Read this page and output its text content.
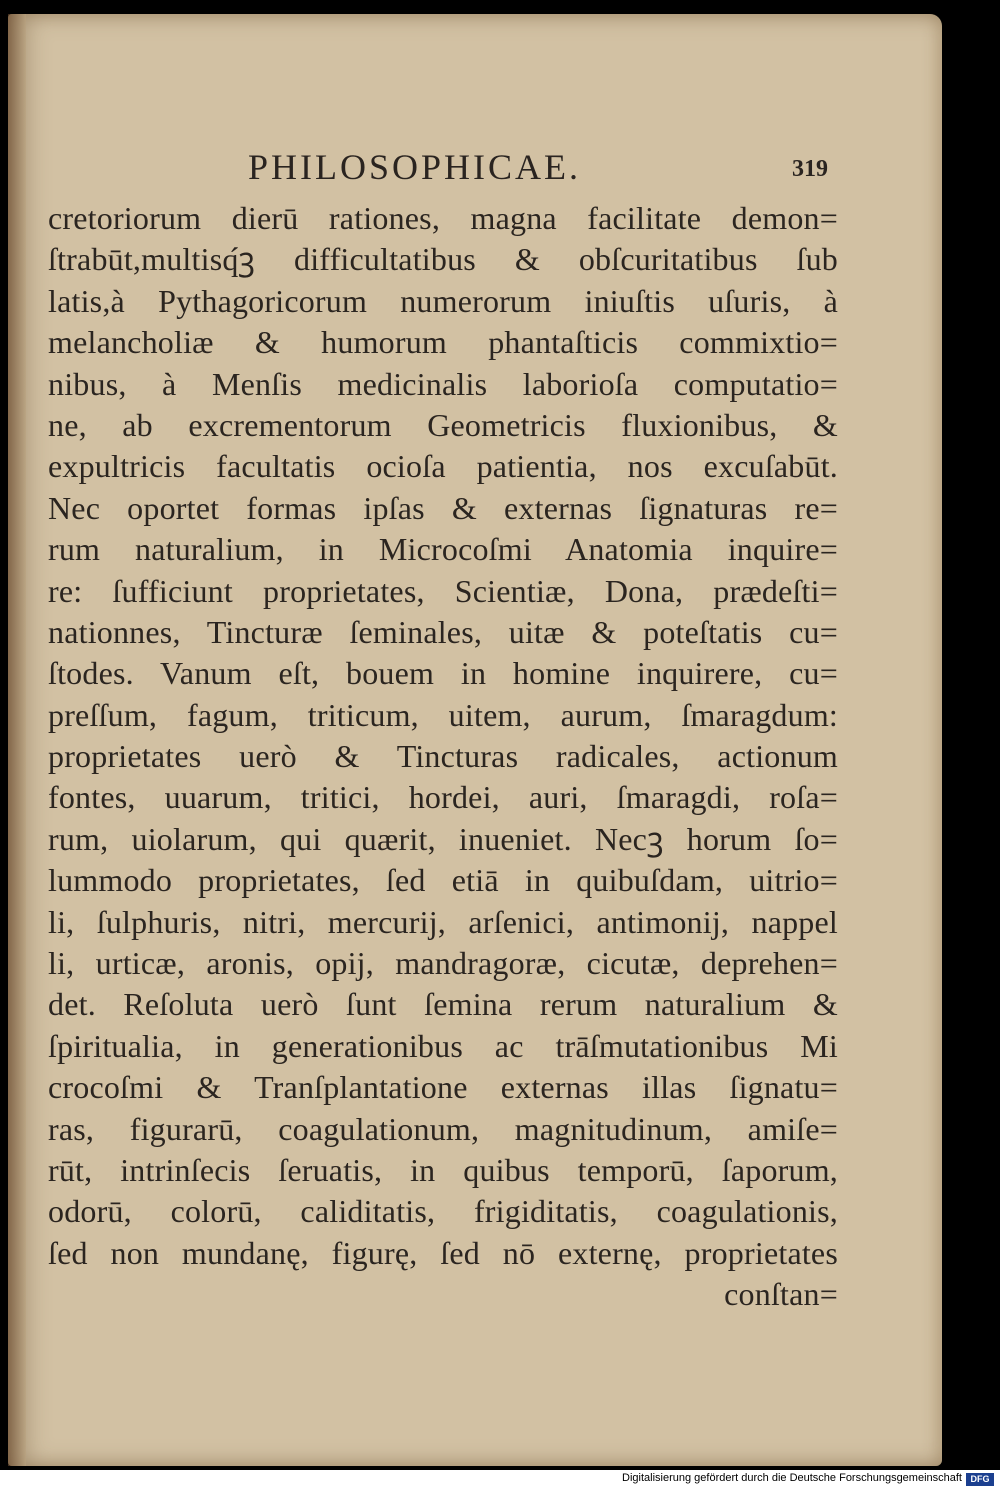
PHILOSOPHICAE.	319
cretoriorum dierū rationes, magna facilitate demon=
ſtrabūt,multisq́ꝫ difficultatibus & obſcuritatibus ſub
latis,à Pythagoricorum numerorum iniuſtis uſuris, à
melancholiæ & humorum phantaſticis commixtio=
nibus, à Menſis medicinalis laborioſa computatio=
ne, ab excrementorum Geometricis fluxionibus, &
expultricis facultatis ocioſa patientia, nos excuſabūt.
Nec oportet formas ipſas & externas ſignaturas re=
rum naturalium, in Microcoſmi Anatomia inquire=
re: ſufficiunt proprietates, Scientiæ, Dona, prædeſti=
nationnes, Tincturæ ſeminales, uitæ & poteſtatis cu=
ſtodes. Vanum eſt, bouem in homine inquirere, cu=
preſſum, fagum, triticum, uitem, aurum, ſmaragdum:
proprietates uerò & Tincturas radicales, actionum
fontes, uuarum, tritici, hordei, auri, ſmaragdi, roſa=
rum, uiolarum, qui quærit, inueniet. Necꝫ horum ſo=
lummodo proprietates, ſed etiā in quibuſdam, uitrio=
li, ſulphuris, nitri, mercurij, arſenici, antimonij, nappel
li, urticæ, aronis, opij, mandragoræ, cicutæ, deprehen=
det. Reſoluta uerò ſunt ſemina rerum naturalium &
ſpiritualia, in generationibus ac trāſmutationibus Mi
crocoſmi & Tranſplantatione externas illas ſignatu=
ras, figurarū, coagulationum, magnitudinum, amiſe=
rūt, intrinſecis ſeruatis, in quibus temporū, ſaporum,
odorū, colorū, caliditatis, frigiditatis, coagulationis,
ſed non mundanę, figurę, ſed nō externę, proprietates
conſtan=
Digitalisierung gefördert durch die Deutsche Forschungsgemeinschaft DFG
